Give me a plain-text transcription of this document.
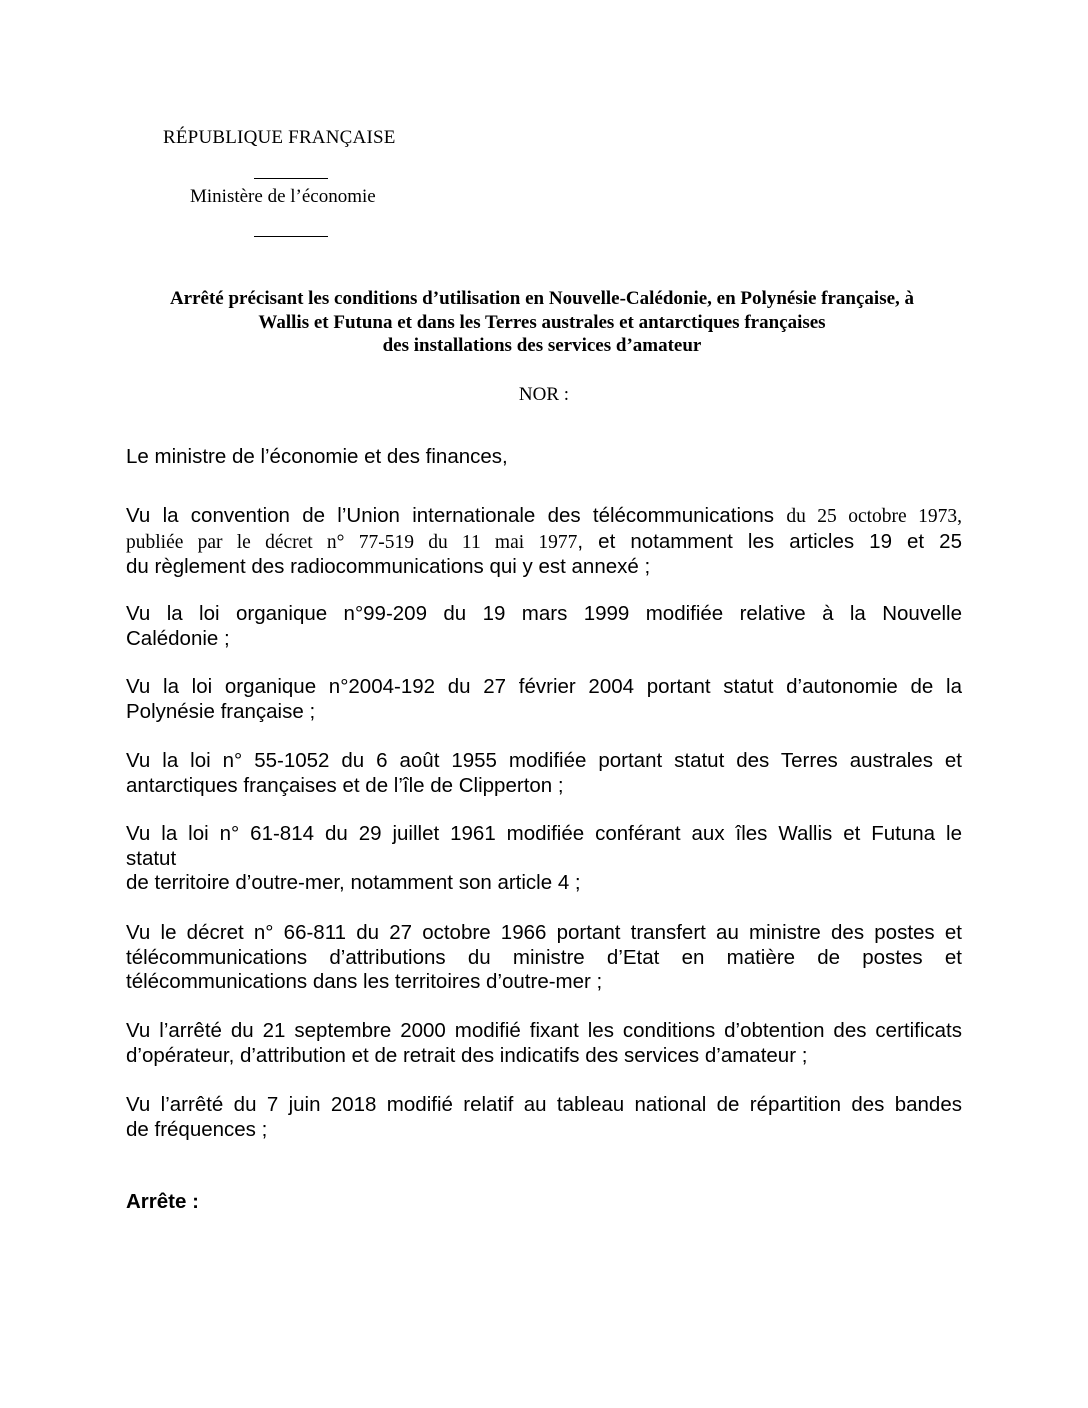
RÉPUBLIQUE FRANÇAISE
Ministère de l’économie
Arrêté précisant les conditions d’utilisation en Nouvelle-Calédonie, en Polynésie française, à
Wallis et Futuna et dans les Terres australes et antarctiques françaises
des installations des services d’amateur
NOR :
Le ministre de l’économie et des finances,
Vu la convention de l’Union internationale des télécommunications du 25 octobre 1973,
publiée par le décret n° 77-519 du 11 mai 1977, et notamment les articles 19 et 25
du règlement des radiocommunications qui y est annexé ;
Vu la loi organique n°99-209 du 19 mars 1999 modifiée relative à la Nouvelle
Calédonie ;
Vu la loi organique n°2004-192 du 27 février 2004 portant statut d’autonomie de la
Polynésie française ;
Vu la loi n° 55-1052 du 6 août 1955 modifiée portant statut des Terres australes et
antarctiques françaises et de l’île de Clipperton ;
Vu la loi n° 61-814 du 29 juillet 1961 modifiée conférant aux îles Wallis et Futuna le
statut
de territoire d’outre-mer, notamment son article 4 ;
Vu le décret n° 66-811 du 27 octobre 1966 portant transfert au ministre des postes et
télécommunications d’attributions du ministre d’Etat en matière de postes et
télécommunications dans les territoires d’outre-mer ;
Vu l’arrêté du 21 septembre 2000 modifié fixant les conditions d’obtention des certificats
d’opérateur, d’attribution et de retrait des indicatifs des services d’amateur ;
Vu l’arrêté du 7 juin 2018 modifié relatif au tableau national de répartition des bandes
de fréquences ;
Arrête :
